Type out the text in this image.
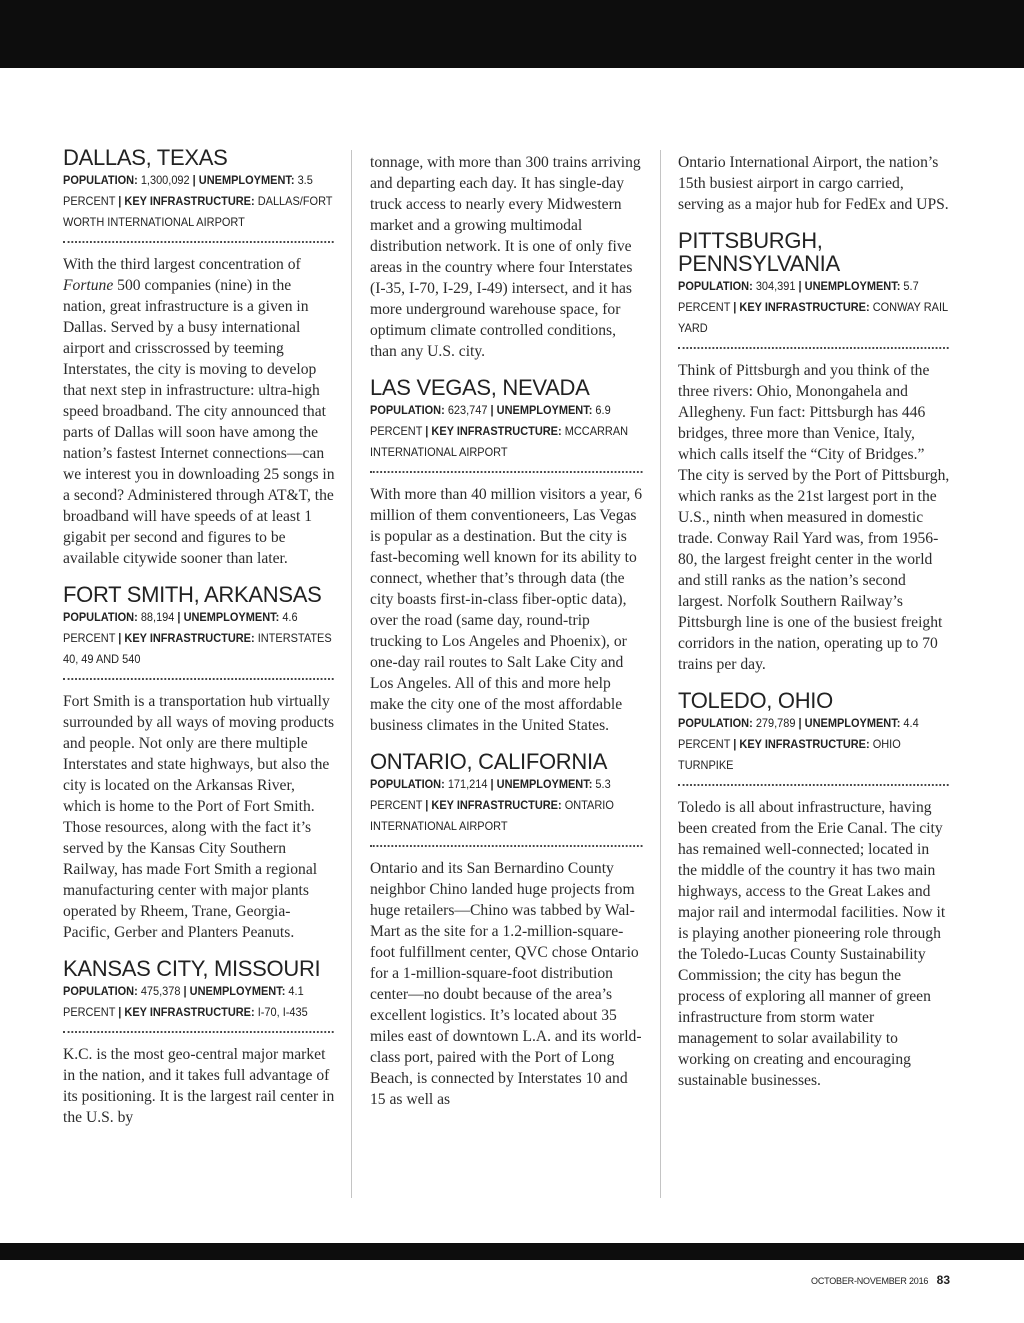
DALLAS, TEXAS

POPULATION: 1,300,092 | UNEMPLOYMENT: 3.5 PERCENT | KEY INFRASTRUCTURE: DALLAS/FORT WORTH INTERNATIONAL AIRPORT

With the third largest concentration of Fortune 500 companies (nine) in the nation, great infrastructure is a given in Dallas. Served by a busy international airport and crisscrossed by teeming Interstates, the city is moving to develop that next step in infrastructure: ultra-high speed broadband. The city announced that parts of Dallas will soon have among the nation’s fastest Internet connections—can we interest you in downloading 25 songs in a second? Administered through AT&T, the broadband will have speeds of at least 1 gigabit per second and figures to be available citywide sooner than later.

FORT SMITH, ARKANSAS

POPULATION: 88,194 | UNEMPLOYMENT: 4.6 PERCENT | KEY INFRASTRUCTURE: INTERSTATES 40, 49 AND 540

Fort Smith is a transportation hub virtually surrounded by all ways of moving products and people. Not only are there multiple Interstates and state highways, but also the city is located on the Arkansas River, which is home to the Port of Fort Smith. Those resources, along with the fact it’s served by the Kansas City Southern Railway, has made Fort Smith a regional manufacturing center with major plants operated by Rheem, Trane, Georgia-Pacific, Gerber and Planters Peanuts.

KANSAS CITY, MISSOURI

POPULATION: 475,378 | UNEMPLOYMENT: 4.1 PERCENT | KEY INFRASTRUCTURE: I-70, I-435

K.C. is the most geo-central major market in the nation, and it takes full advantage of its positioning. It is the largest rail center in the U.S. by

tonnage, with more than 300 trains arriving and departing each day. It has single-day truck access to nearly every Midwestern market and a growing multimodal distribution network. It is one of only five areas in the country where four Interstates (I-35, I-70, I-29, I-49) intersect, and it has more underground warehouse space, for optimum climate controlled conditions, than any U.S. city.

LAS VEGAS, NEVADA

POPULATION: 623,747 | UNEMPLOYMENT: 6.9 PERCENT | KEY INFRASTRUCTURE: MCCARRAN INTERNATIONAL AIRPORT

With more than 40 million visitors a year, 6 million of them conventioneers, Las Vegas is popular as a destination. But the city is fast-becoming well known for its ability to connect, whether that’s through data (the city boasts first-in-class fiber-optic data), over the road (same day, round-trip trucking to Los Angeles and Phoenix), or one-day rail routes to Salt Lake City and Los Angeles. All of this and more help make the city one of the most affordable business climates in the United States.

ONTARIO, CALIFORNIA

POPULATION: 171,214 | UNEMPLOYMENT: 5.3 PERCENT | KEY INFRASTRUCTURE: ONTARIO INTERNATIONAL AIRPORT

Ontario and its San Bernardino County neighbor Chino landed huge projects from huge retailers—Chino was tabbed by Wal-Mart as the site for a 1.2-million-square-foot fulfillment center, QVC chose Ontario for a 1-million-square-foot distribution center—no doubt because of the area’s excellent logistics. It’s located about 35 miles east of downtown L.A. and its world-class port, paired with the Port of Long Beach, is connected by Interstates 10 and 15 as well as

Ontario International Airport, the nation’s 15th busiest airport in cargo carried, serving as a major hub for FedEx and UPS.

PITTSBURGH, PENNSYLVANIA

POPULATION: 304,391 | UNEMPLOYMENT: 5.7 PERCENT | KEY INFRASTRUCTURE: CONWAY RAIL YARD

Think of Pittsburgh and you think of the three rivers: Ohio, Monongahela and Allegheny. Fun fact: Pittsburgh has 446 bridges, three more than Venice, Italy, which calls itself the “City of Bridges.” The city is served by the Port of Pittsburgh, which ranks as the 21st largest port in the U.S., ninth when measured in domestic trade. Conway Rail Yard was, from 1956-80, the largest freight center in the world and still ranks as the nation’s second largest. Norfolk Southern Railway’s Pittsburgh line is one of the busiest freight corridors in the nation, operating up to 70 trains per day.

TOLEDO, OHIO

POPULATION: 279,789 | UNEMPLOYMENT: 4.4 PERCENT | KEY INFRASTRUCTURE: OHIO TURNPIKE

Toledo is all about infrastructure, having been created from the Erie Canal. The city has remained well-connected; located in the middle of the country it has two main highways, access to the Great Lakes and major rail and intermodal facilities. Now it is playing another pioneering role through the Toledo-Lucas County Sustainability Commission; the city has begun the process of exploring all manner of green infrastructure from storm water management to solar availability to working on creating and encouraging sustainable businesses.

OCTOBER-NOVEMBER 2016 83
